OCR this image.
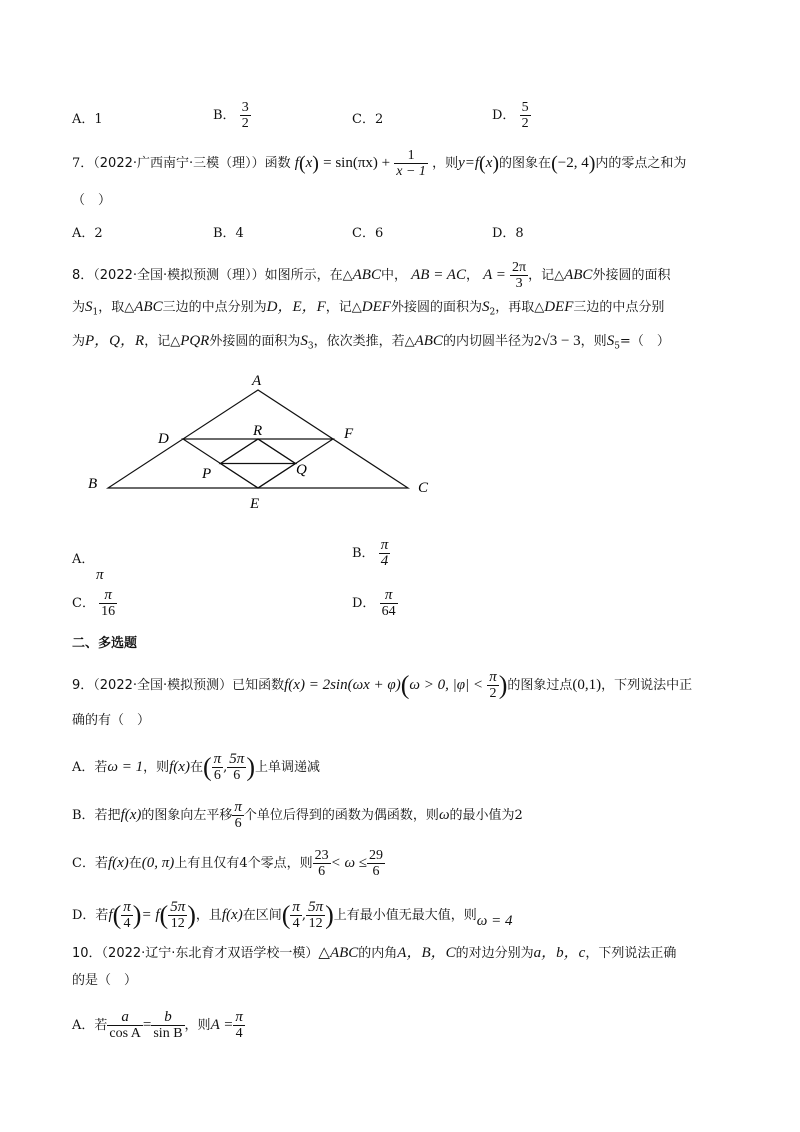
A．1	B． $\frac{3}{2}$	C．2	D． $\frac{5}{2}$
7．（2022·广西南宁·三模（理））函数 $f(x) = \sin(\pi x) + \frac{1}{x - 1}$ ，则y=f(x)的图象在(−2, 4)内的零点之和为
（　）
A．2	B．4	C．6	D．8
8．（2022·全国·模拟预测（理））如图所示，在△ABC中， AB = AC， $A = \frac{2\pi}{3}$ ，记△ABC外接圆的面积
为$S_1$，取△ABC三边的中点分别为D，E，F，记△DEF外接圆的面积为$S_2$，再取△DEF三边的中点分别
为P，Q，R，记△PQR外接圆的面积为$S_3$，依次类推，若△ABC的内切圆半径为2√3 − 3，则$S_5=$（　）
A
B	C
D
E
F
P	Q
R
A．
π
B． $\frac{\pi}{4}$
C． $\frac{\pi}{16}$	D． $\frac{\pi}{64}$
二、多选题
9．（2022·全国·模拟预测）已知函数f(x) = 2sin(ωx + φ)(ω > 0, $|\varphi| < \frac{\pi}{2}$ )的图象过点(0,1)，下列说法中正
确的有（　）
A．若ω = 1，则f(x)在( $\frac{\pi}{6}$ , $\frac{5\pi}{6}$ )上单调递减
B．若把f(x)的图象向左平移 $\frac{\pi}{6}$ 个单位后得到的函数为偶函数，则ω的最小值为2
C．若f(x)在(0, π)上有且仅有4个零点，则 $\frac{23}{6} < \omega \le \frac{29}{6}$
D．若$f( \frac{\pi}{4}$ )= $f( \frac{5\pi}{12}$ )，且f(x)在区间( $\frac{\pi}{4}$ , $\frac{5\pi}{12}$ )上有最小值无最大值，则ω = 4
10．（2022·辽宁·东北育才双语学校一模）△ABC的内角A，B，C的对边分别为a，b，c，下列说法正确
的是（　）
A．若 $\frac{a}{\text{cos A}} = \frac{b}{\text{sin B}}$ ，则$A = \frac{\pi}{4}$
